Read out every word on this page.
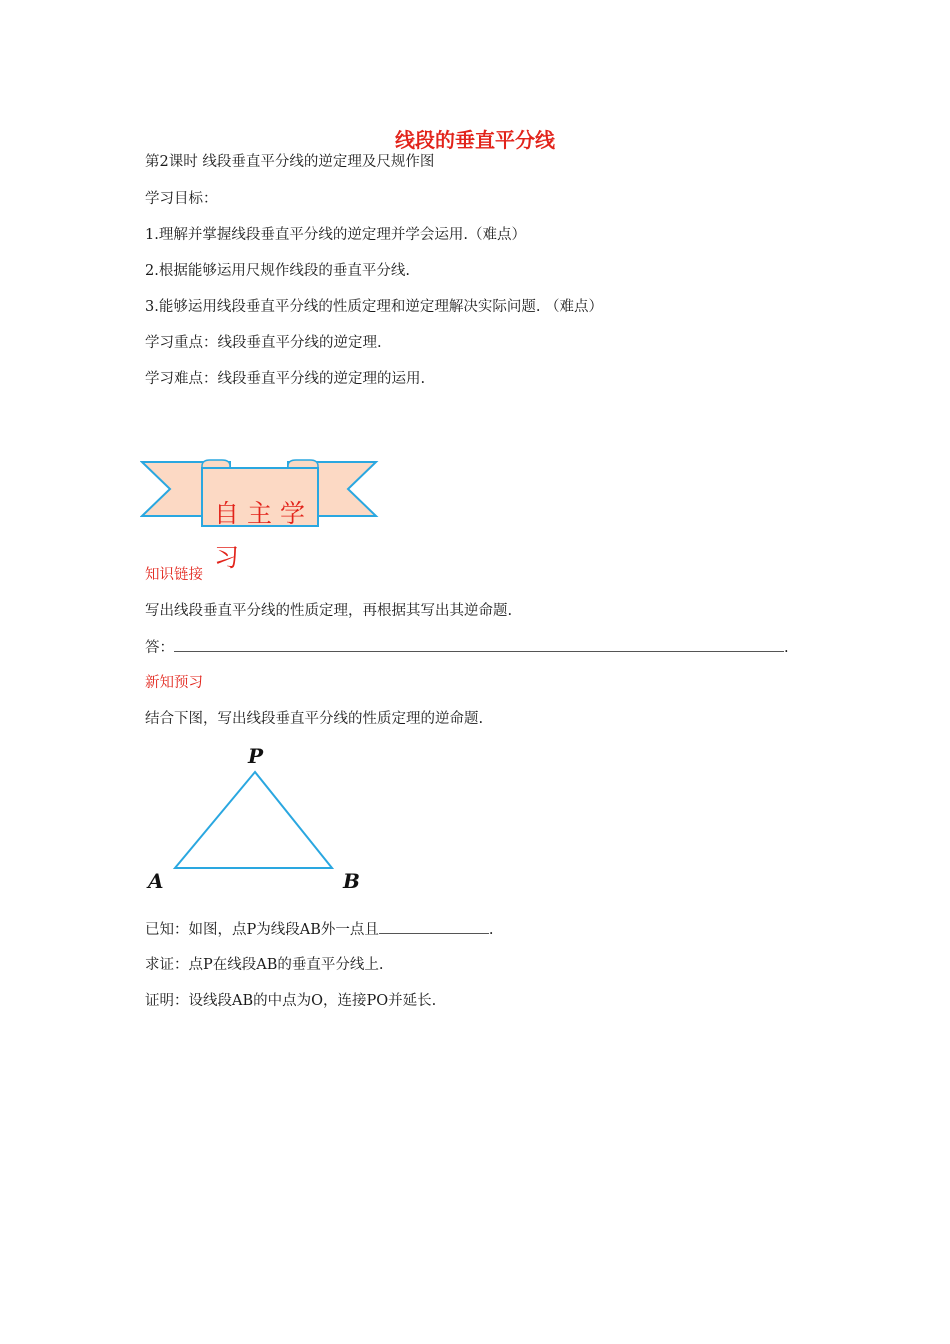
线段的垂直平分线
第2课时 线段垂直平分线的逆定理及尺规作图
学习目标：
1.理解并掌握线段垂直平分线的逆定理并学会运用.（难点）
2.根据能够运用尺规作线段的垂直平分线.
3.能够运用线段垂直平分线的性质定理和逆定理解决实际问题. （难点）
学习重点：线段垂直平分线的逆定理.
学习难点：线段垂直平分线的逆定理的运用.
自主学
习
知识链接
写出线段垂直平分线的性质定理，再根据其写出其逆命题.
答：	.
新知预习
结合下图，写出线段垂直平分线的性质定理的逆命题.
P
A	B
已知：如图，点P为线段AB外一点且	.
求证：点P在线段AB的垂直平分线上.
证明：设线段AB的中点为O，连接PO并延长.
